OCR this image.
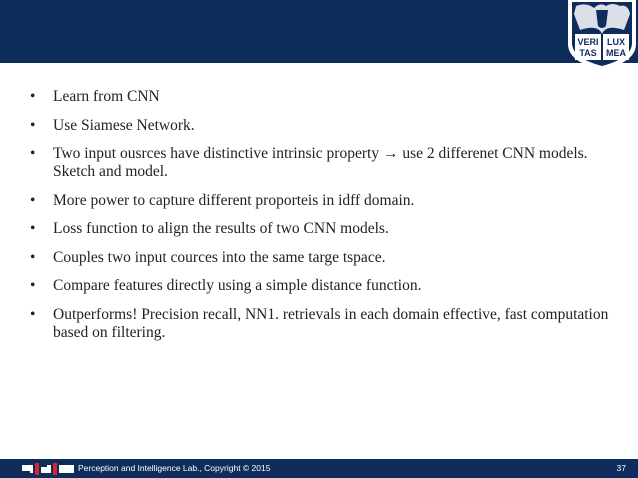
VERI LUX
TAS MEA
•	Learn from CNN
•	Use Siamese Network.
•	Two input ousrces have distinctive intrinsic property → use 2 differenet CNN models. Sketch and model.
•	More power to capture different proporteis in idff domain.
•	Loss function to align the results of two CNN models.
•	Couples two input cources into the same targe tspace.
•	Compare features directly using a simple distance function.
•	Outperforms! Precision recall, NN1. retrievals in each domain effective, fast computation based on filtering.
Perception and Intelligence Lab., Copyright © 2015	37
